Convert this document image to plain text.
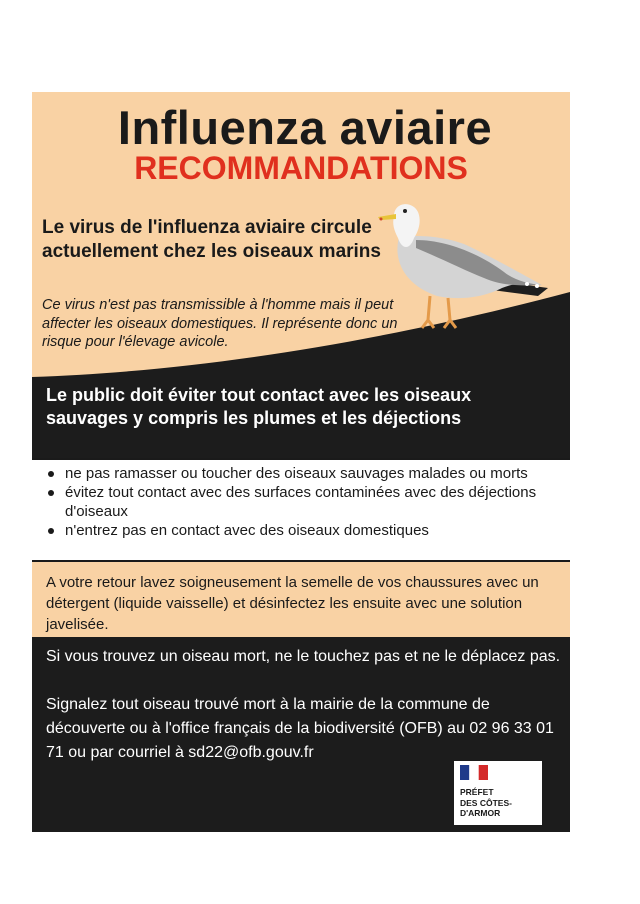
Influenza aviaire
RECOMMANDATIONS

Le virus de l'influenza aviaire circule actuellement chez les oiseaux marins

Ce virus n'est pas transmissible à l'homme mais il peut affecter les oiseaux domestiques. Il représente donc un risque pour l'élevage avicole.

Le public doit éviter tout contact avec les oiseaux sauvages y compris les plumes et les déjections

ne pas ramasser ou toucher des oiseaux sauvages malades ou morts
évitez tout contact avec des surfaces contaminées avec des déjections d'oiseaux
n'entrez pas en contact avec des oiseaux domestiques

A votre retour lavez soigneusement la semelle de vos chaussures avec un détergent (liquide vaisselle) et désinfectez les ensuite avec une solution javelisée.

Si vous trouvez un oiseau mort, ne le touchez pas et ne le déplacez pas.

Signalez tout oiseau trouvé mort à la mairie de la commune de découverte ou à l'office français de la biodiversité (OFB) au 02 96 33 01 71 ou par courriel à sd22@ofb.gouv.fr

PRÉFET
DES CÔTES-
D'ARMOR
